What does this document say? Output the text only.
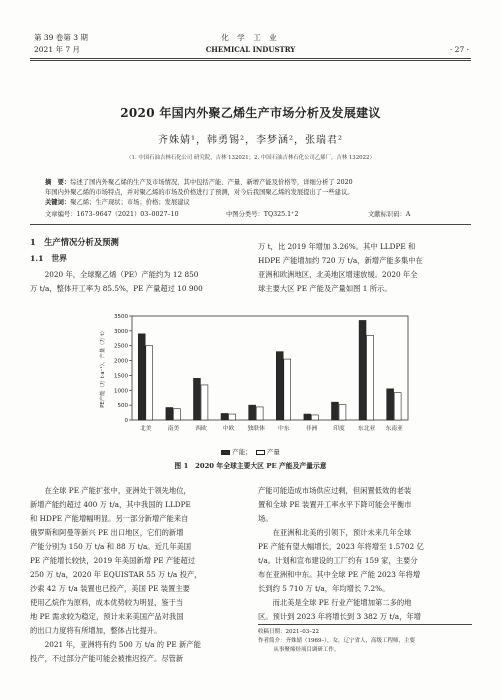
第 39 卷第 3 期
2021 年 7 月
化 学 工 业
CHEMICAL INDUSTRY	· 27 ·
2020 年国内外聚乙烯生产市场分析及发展建议
齐姝婧¹，韩勇锡²，李梦涵²，张瑞君²
（1. 中国石油吉林石化公司 研究院，吉林 132021；2. 中国石油吉林石化公司乙烯厂，吉林 132022）
摘　要：综述了国内外聚乙烯的生产及市场情况，其中包括产能、产量、新增产能及价格等，详细分析了 2020
年国内外聚乙烯的市场特点，并对聚乙烯的市场及价格进行了预测，对今后我国聚乙烯的发展提出了一些建议。
关键词：聚乙烯；生产现状；市场；价格；发展建议
文章编号：1673–9647（2021）03–0027–10	中图分类号：TQ325.1⁺2	文献标识码：A
1　生产情况分析及预测
1.1　世界

2020 年，全球聚乙烯（PE）产能约为 12 850

万 t/a，整体开工率为 85.5%，PE 产量超过 10 900
万 t，比 2019 年增加 3.26%。其中 LLDPE 和
HDPE 产能增加约 720 万 t/a，新增产能多集中在
亚洲和欧洲地区，北美地区增速放缓。2020 年全
球主要大区 PE 产能及产量如图 1 所示。
0
500
1000
1500
2000
2500
3000
3500
PE产能（万 t·a⁻¹）、产量（万 t）
北美	南美	西欧	中欧 独联体 中东	非洲	印度 东北亚 东南亚
产能； 产量
图 1　2020 年全球主要大区 PE 产能及产量示意
在全球 PE 产能扩张中，亚洲处于领先地位，
新增产能约超过 400 万 t/a，其中我国的 LLDPE
和 HDPE 产能增幅明显。另一部分新增产能来自
俄罗斯和阿曼等新兴 PE 出口地区，它们的新增
产能分别为 150 万 t/a 和 88 万 t/a。近几年美国
PE 产能增长较快，2019 年美国新增 PE 产能超过
250 万 t/a，2020 年 EQUISTAR 55 万 t/a 投产，
沙索 42 万 t/a 装置也已投产，美国 PE 装置主要
使用乙烷作为原料，成本优势较为明显，鉴于当
地 PE 需求较为稳定，预计未来美国产品对我国
的出口力度将有所增加，整体占比提升。
2021 年，亚洲将有约 500 万 t/a 的 PE 新产能
投产，不过部分产能可能会被推迟投产。尽管新
产能可能造成市场供应过剩，但闲置低效的老装
置和全球 PE 装置开工率水平下降可能会平衡市
场。
在亚洲和北美的引领下，预计未来几年全球
PE 产能有望大幅增长，2023 年将增至 1.5702 亿
t/a。计划和宣布建设的工厂约有 159 家，主要分
布在亚洲和中东。其中全球 PE 产能 2023 年将增
长到约 5 710 万 t/a，年均增长 7.2%。
而北美是全球 PE 行业产能增加第二多的地
区。预计到 2023 年将增长到 3 382 万 t/a，年增
收稿日期：2021–03–22
作者简介：齐姝婧（1969–），女，辽宁省人，高级工程师，主要
从事聚烯烃项目调研工作。
